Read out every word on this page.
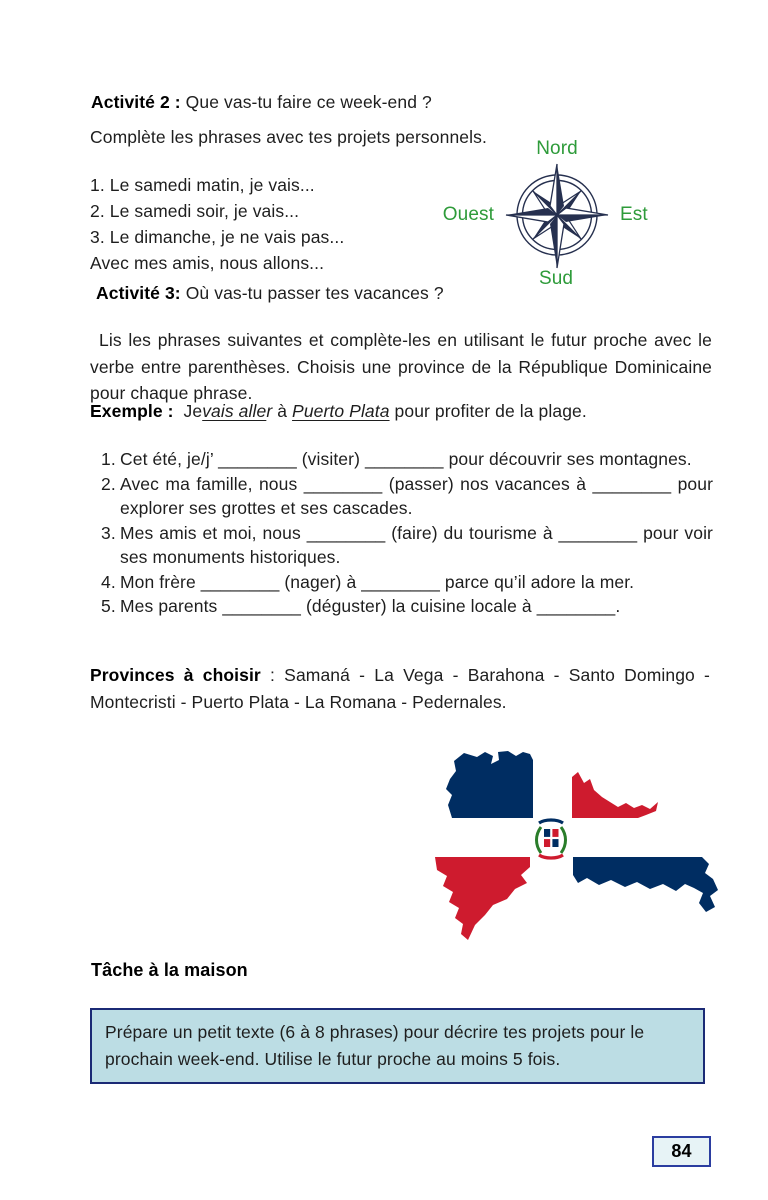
Activité 2 : Que vas-tu faire ce week-end ?
Complète les phrases avec tes projets personnels.
1. Le samedi matin, je vais...
2. Le samedi soir, je vais...
3. Le dimanche, je ne vais pas...
Avec mes amis, nous allons...
Nord
Ouest	Est
Sud
Activité 3: Où vas-tu passer tes vacances ?
Lis les phrases suivantes et complète-les en utilisant le futur proche avec le verbe entre parenthèses. Choisis une province de la République Dominicaine pour chaque phrase.
Exemple : Jevais aller à Puerto Plata pour profiter de la plage.
1. Cet été, je/j’ ________ (visiter) ________ pour découvrir ses montagnes.
2. Avec ma famille, nous ________ (passer) nos vacances à ________ pour explorer ses grottes et ses cascades.
3. Mes amis et moi, nous ________ (faire) du tourisme à ________ pour voir ses monuments historiques.
4. Mon frère ________ (nager) à ________ parce qu’il adore la mer.
5. Mes parents ________ (déguster) la cuisine locale à ________.
Provinces à choisir : Samaná - La Vega - Barahona - Santo Domingo - Montecristi - Puerto Plata - La Romana - Pedernales.
Tâche à la maison
Prépare un petit texte (6 à 8 phrases) pour décrire tes projets pour le prochain week-end. Utilise le futur proche au moins 5 fois.
84
